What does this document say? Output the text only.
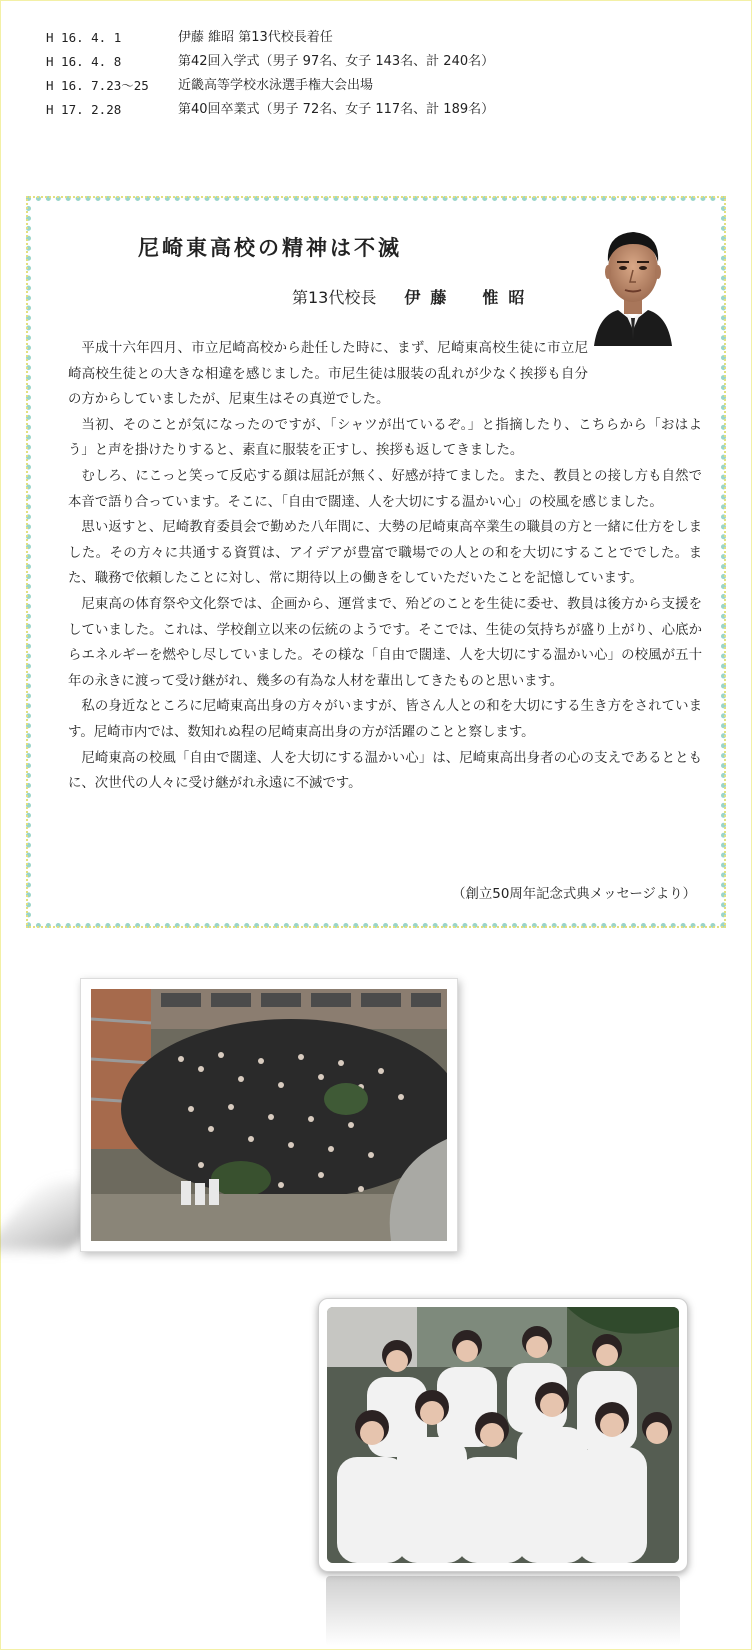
H 16. 4. 1	伊藤 維昭 第13代校長着任
H 16. 4. 8	第42回入学式（男子 97名、女子 143名、計 240名）
H 16. 7.23～25 近畿高等学校水泳選手権大会出場
H 17. 2.28	第40回卒業式（男子 72名、女子 117名、計 189名）
尼崎東高校の精神は不滅
第13代校長 伊藤　惟昭

平成十六年四月、市立尼崎高校から赴任した時に、まず、尼崎東高校生徒に市立尼崎高校生徒との大きな相違を感じました。市尼生徒は服装の乱れが少なく挨拶も自分の方からしていましたが、尼東生はその真逆でした。

当初、そのことが気になったのですが、「シャツが出ているぞ。」と指摘したり、こちらから「おはよう」と声を掛けたりすると、素直に服装を正すし、挨拶も返してきました。

むしろ、にこっと笑って反応する顔は屈託が無く、好感が持てました。また、教員との接し方も自然で本音で語り合っています。そこに、「自由で闊達、人を大切にする温かい心」の校風を感じました。

思い返すと、尼崎教育委員会で勤めた八年間に、大勢の尼崎東高卒業生の職員の方と一緒に仕方をしました。その方々に共通する資質は、アイデアが豊富で職場での人との和を大切にすることででした。また、職務で依頼したことに対し、常に期待以上の働きをしていただいたことを記憶しています。

尼東高の体育祭や文化祭では、企画から、運営まで、殆どのことを生徒に委せ、教員は後方から支援をしていました。これは、学校創立以来の伝統のようです。そこでは、生徒の気持ちが盛り上がり、心底からエネルギーを燃やし尽していました。その様な「自由で闊達、人を大切にする温かい心」の校風が五十年の永きに渡って受け継がれ、幾多の有為な人材を輩出してきたものと思います。

私の身近なところに尼崎東高出身の方々がいますが、皆さん人との和を大切にする生き方をされています。尼崎市内では、数知れぬ程の尼崎東高出身の方が活躍のことと察します。

尼崎東高の校風「自由で闊達、人を大切にする温かい心」は、尼崎東高出身者の心の支えであるとともに、次世代の人々に受け継がれ永遠に不滅です。

（創立50周年記念式典メッセージより）
